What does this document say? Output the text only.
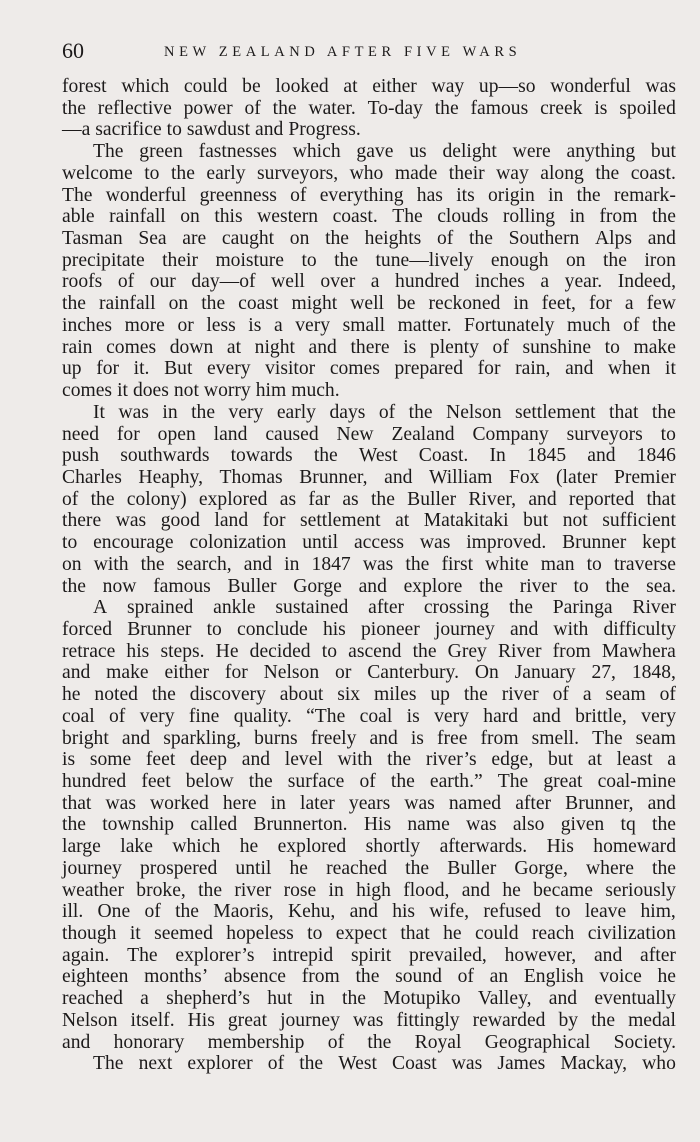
60	NEW ZEALAND AFTER FIVE WARS
forest which could be looked at either way up—so wonderful was
the reflective power of the water. To-day the famous creek is spoiled
—a sacrifice to sawdust and Progress.
The green fastnesses which gave us delight were anything but
welcome to the early surveyors, who made their way along the coast.
The wonderful greenness of everything has its origin in the remark-
able rainfall on this western coast. The clouds rolling in from the
Tasman Sea are caught on the heights of the Southern Alps and
precipitate their moisture to the tune—lively enough on the iron
roofs of our day—of well over a hundred inches a year. Indeed,
the rainfall on the coast might well be reckoned in feet, for a few
inches more or less is a very small matter. Fortunately much of the
rain comes down at night and there is plenty of sunshine to make
up for it. But every visitor comes prepared for rain, and when it
comes it does not worry him much.
It was in the very early days of the Nelson settlement that the
need for open land caused New Zealand Company surveyors to
push southwards towards the West Coast. In 1845 and 1846
Charles Heaphy, Thomas Brunner, and William Fox (later Premier
of the colony) explored as far as the Buller River, and reported that
there was good land for settlement at Matakitaki but not sufficient
to encourage colonization until access was improved. Brunner kept
on with the search, and in 1847 was the first white man to traverse
the now famous Buller Gorge and explore the river to the sea.
A sprained ankle sustained after crossing the Paringa River
forced Brunner to conclude his pioneer journey and with difficulty
retrace his steps. He decided to ascend the Grey River from Mawhera
and make either for Nelson or Canterbury. On January 27, 1848,
he noted the discovery about six miles up the river of a seam of
coal of very fine quality. “The coal is very hard and brittle, very
bright and sparkling, burns freely and is free from smell. The seam
is some feet deep and level with the river’s edge, but at least a
hundred feet below the surface of the earth.” The great coal-mine
that was worked here in later years was named after Brunner, and
the township called Brunnerton. His name was also given tq the
large lake which he explored shortly afterwards. His homeward
journey prospered until he reached the Buller Gorge, where the
weather broke, the river rose in high flood, and he became seriously
ill. One of the Maoris, Kehu, and his wife, refused to leave him,
though it seemed hopeless to expect that he could reach civilization
again. The explorer’s intrepid spirit prevailed, however, and after
eighteen months’ absence from the sound of an English voice he
reached a shepherd’s hut in the Motupiko Valley, and eventually
Nelson itself. His great journey was fittingly rewarded by the medal
and honorary membership of the Royal Geographical Society.
The next explorer of the West Coast was James Mackay, who
